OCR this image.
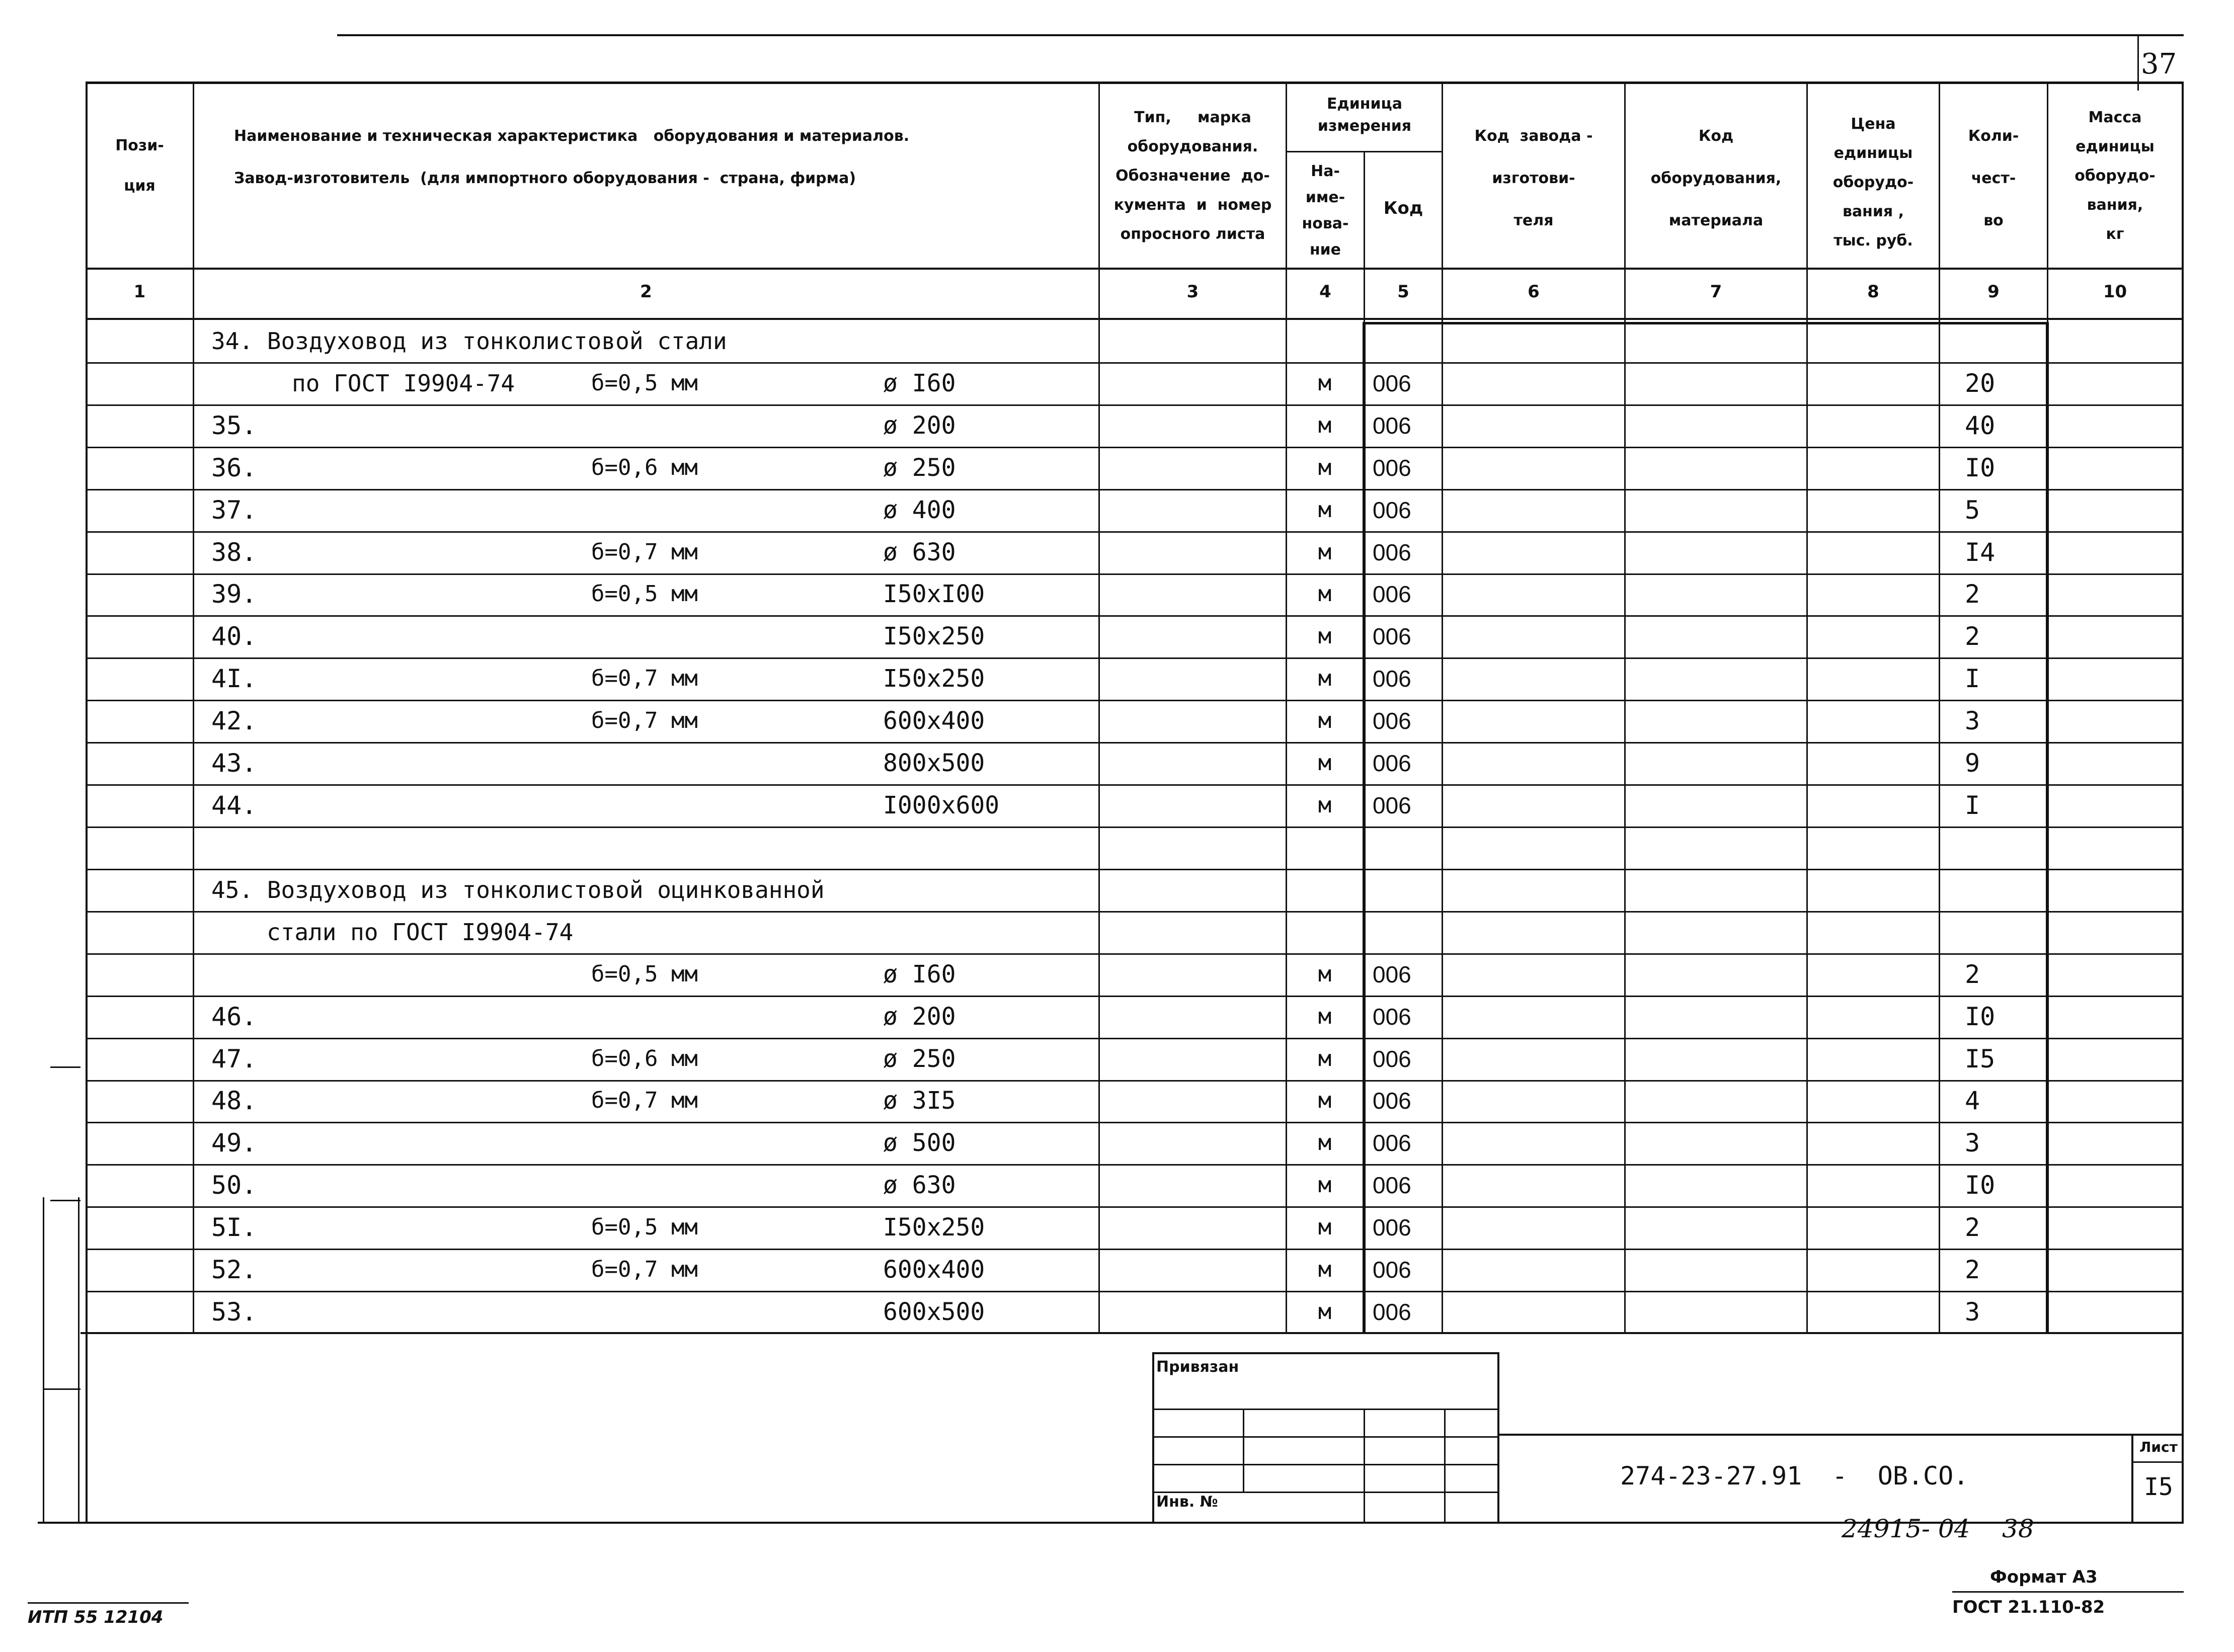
37
Пози-
ция
Наименование и техническая характеристика   оборудования и материалов.

Завод-изготовитель  (для импортного оборудования -  страна, фирма)
Тип,     марка
оборудования.
Обозначение  до-
кумента  и  номер
опросного листа
Единица
измерения
На-
име-
нова-
ние
Код
Код  завода -

изготови-

теля
Код

оборудования,

материала
Цена
единицы
оборудо-
вания ,
тыс. руб.
Коли-

чест-

во
Масса
единицы
оборудо-
вания,
кг
1	2	3	4	5	6	7	8	9	10
34. Воздуховод из тонколистовой стали
по ГОСТ I9904-74	б=0,5 мм	ø I60	м	006	20
35.	ø 200	м	006	40
36.	б=0,6 мм	ø 250	м	006	I0
37.	ø 400	м	006	5
38.	б=0,7 мм	ø 630	м	006	I4
39.	б=0,5 мм	I50хI00	м	006	2
40.	I50х250	м	006	2
4I.	б=0,7 мм	I50х250	м	006	I
42.	б=0,7 мм	600х400	м	006	3
43.	800х500	м	006	9
44.	I000х600	м	006	I
45. Воздуховод из тонколистовой оцинкованной
стали по ГОСТ I9904-74
б=0,5 мм	ø I60	м	006	2
46.	ø 200	м	006	I0
47.	б=0,6 мм	ø 250	м	006	I5
48.	б=0,7 мм	ø 3I5	м	006	4
49.	ø 500	м	006	3
50.	ø 630	м	006	I0
5I.	б=0,5 мм	I50х250	м	006	2
52.	б=0,7 мм	600х400	м	006	2
53.	600х500	м	006	3
Привязан
Инв. №
274-23-27.91  -  ОВ.СО.
Лист
I5
24915- 04    38
Формат А3
ГОСТ 21.110-82
ИТП 55 12104
